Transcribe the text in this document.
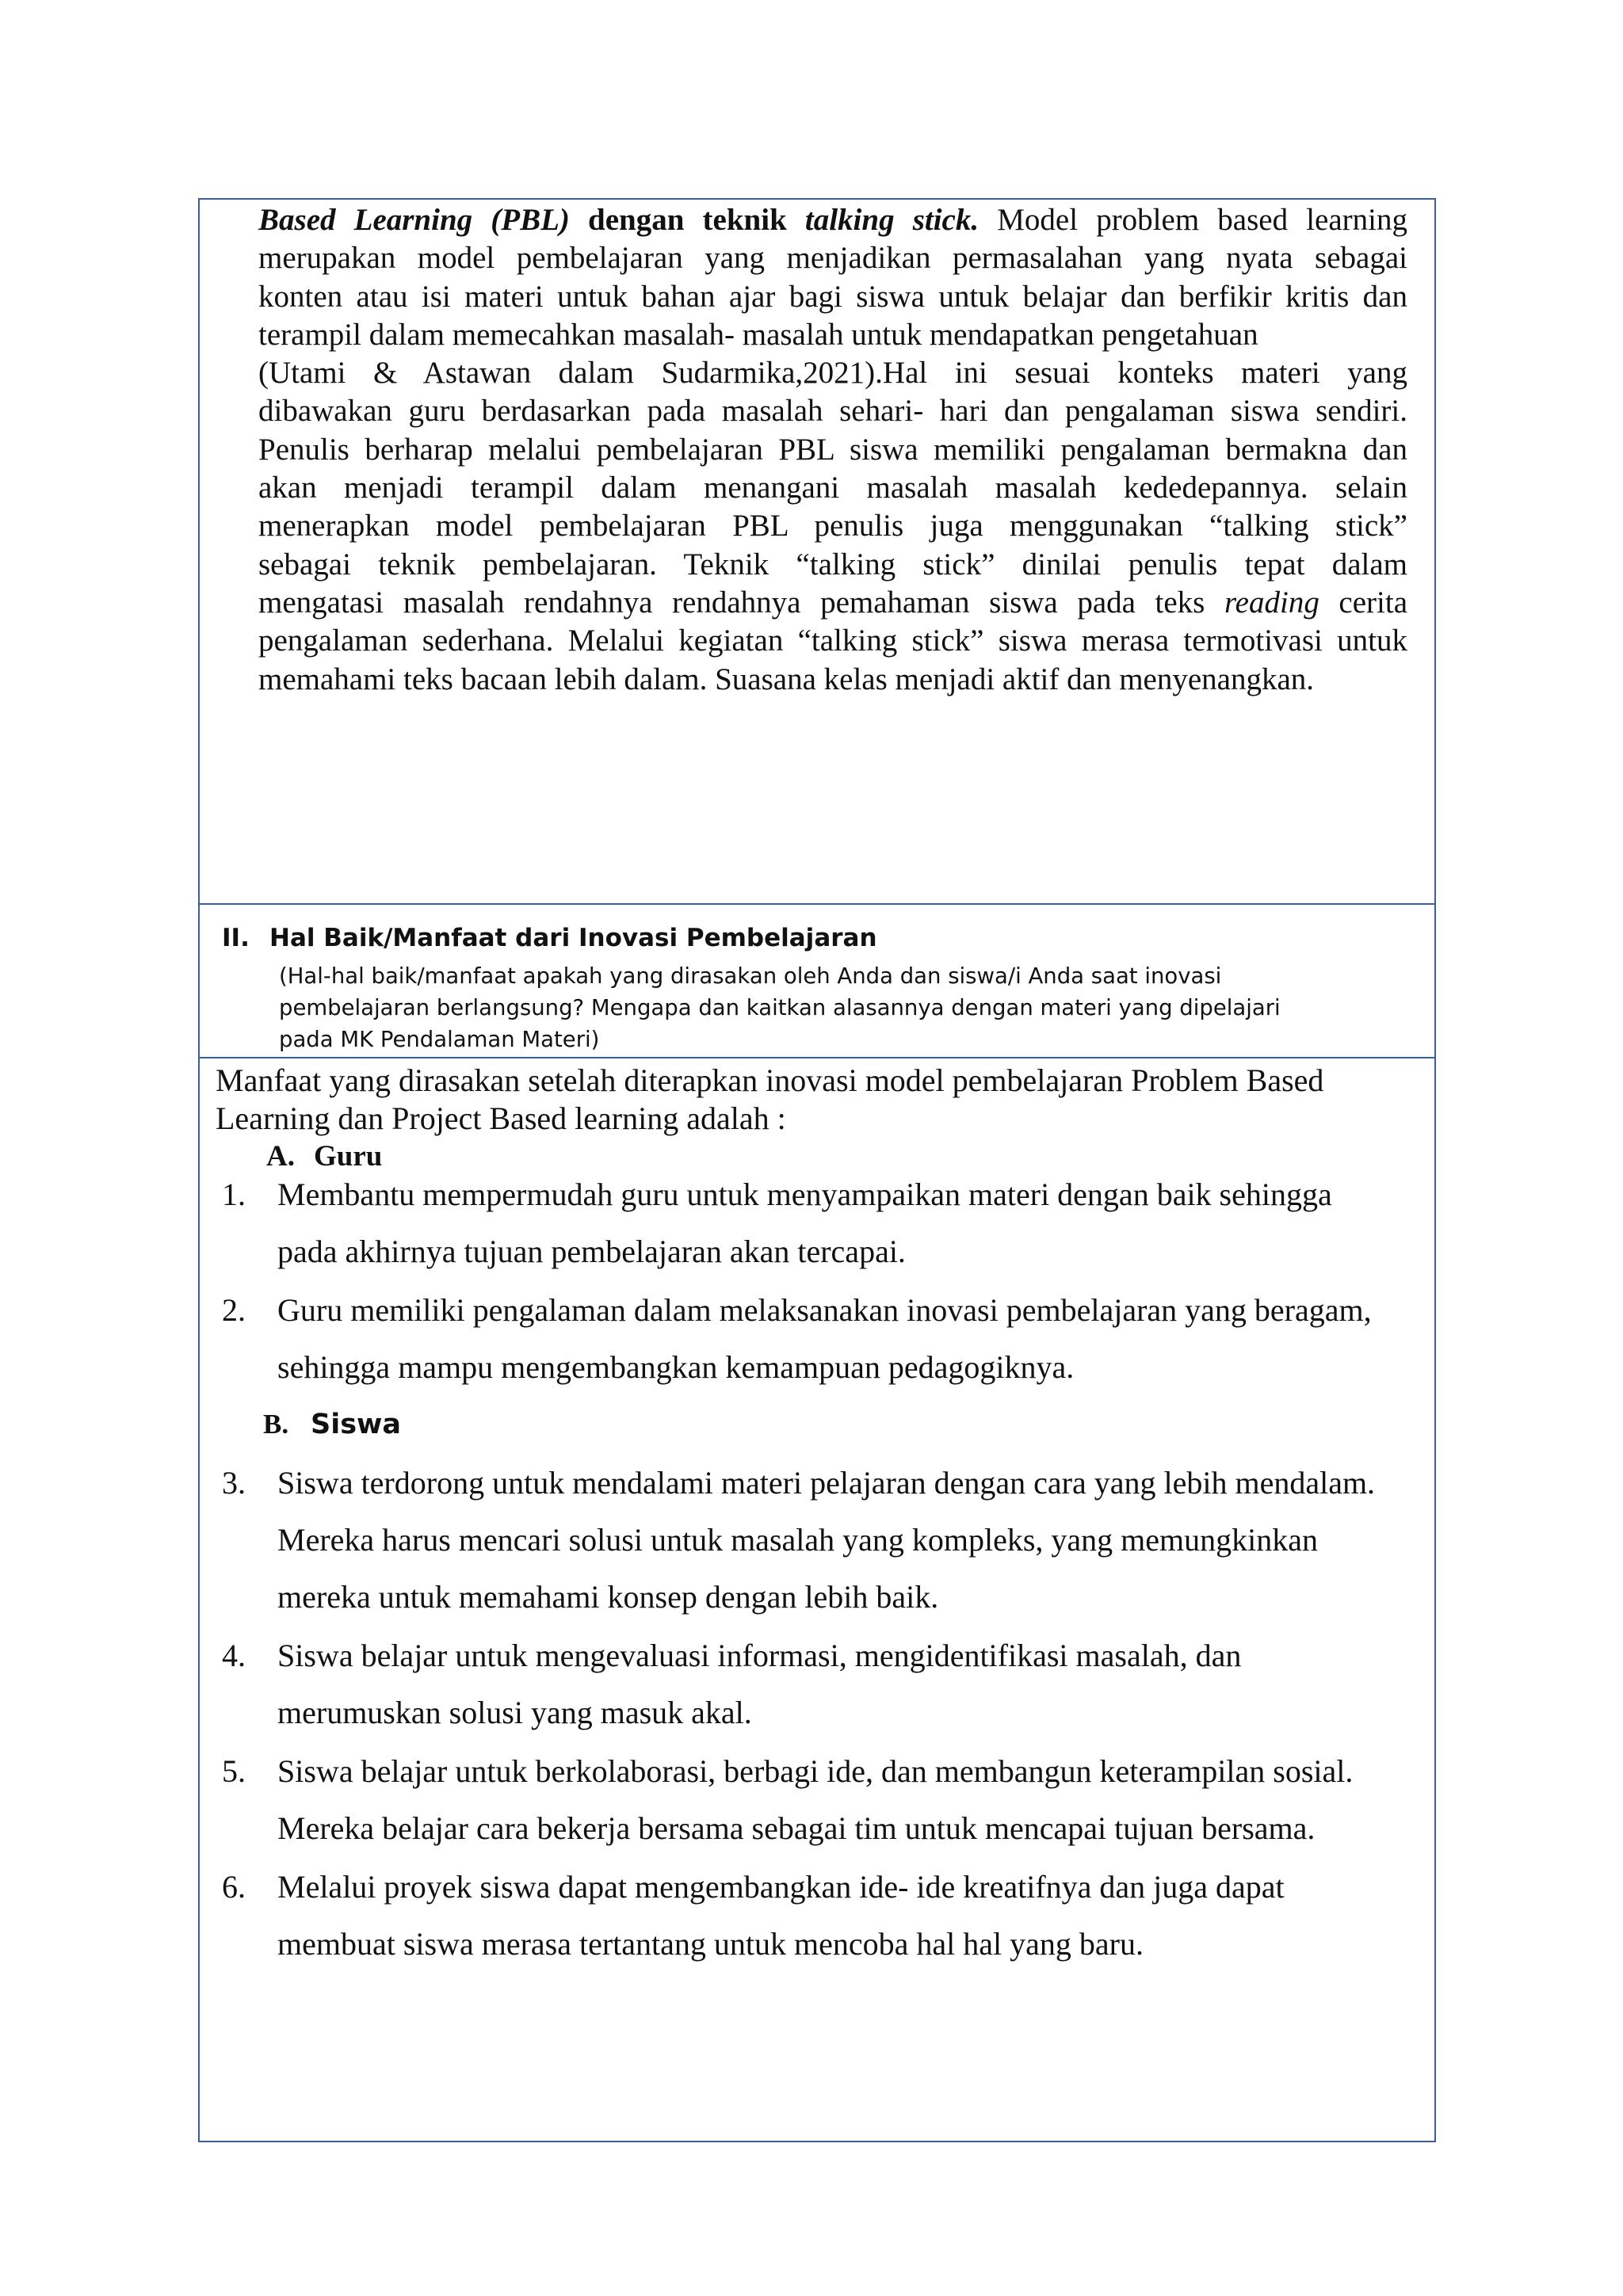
Based Learning (PBL) dengan teknik talking stick. Model problem based learning
merupakan model pembelajaran yang menjadikan permasalahan yang nyata sebagai
konten atau isi materi untuk bahan ajar bagi siswa untuk belajar dan berfikir kritis dan
terampil dalam memecahkan masalah- masalah untuk mendapatkan pengetahuan
(Utami & Astawan dalam Sudarmika,2021).Hal ini sesuai konteks materi yang
dibawakan guru berdasarkan pada masalah sehari- hari dan pengalaman siswa sendiri.
Penulis berharap melalui pembelajaran PBL siswa memiliki pengalaman bermakna dan
akan menjadi terampil dalam menangani masalah masalah kededepannya. selain
menerapkan model pembelajaran PBL penulis juga menggunakan “talking stick”
sebagai teknik pembelajaran. Teknik “talking stick” dinilai penulis tepat dalam
mengatasi masalah rendahnya rendahnya pemahaman siswa pada teks reading cerita
pengalaman sederhana. Melalui kegiatan “talking stick” siswa merasa termotivasi untuk
memahami teks bacaan lebih dalam. Suasana kelas menjadi aktif dan menyenangkan.
II. Hal Baik/Manfaat dari Inovasi Pembelajaran
(Hal-hal baik/manfaat apakah yang dirasakan oleh Anda dan siswa/i Anda saat inovasi
pembelajaran berlangsung? Mengapa dan kaitkan alasannya dengan materi yang dipelajari
pada MK Pendalaman Materi)
Manfaat yang dirasakan setelah diterapkan inovasi model pembelajaran Problem Based
Learning dan Project Based learning adalah :
A. Guru
1.	Membantu mempermudah guru untuk menyampaikan materi dengan baik sehingga
pada akhirnya tujuan pembelajaran akan tercapai.
2.	Guru memiliki pengalaman dalam melaksanakan inovasi pembelajaran yang beragam,
sehingga mampu mengembangkan kemampuan pedagogiknya.
B. Siswa
3.	Siswa terdorong untuk mendalami materi pelajaran dengan cara yang lebih mendalam.
Mereka harus mencari solusi untuk masalah yang kompleks, yang memungkinkan
mereka untuk memahami konsep dengan lebih baik.
4.	Siswa belajar untuk mengevaluasi informasi, mengidentifikasi masalah, dan
merumuskan solusi yang masuk akal.
5.	Siswa belajar untuk berkolaborasi, berbagi ide, dan membangun keterampilan sosial.
Mereka belajar cara bekerja bersama sebagai tim untuk mencapai tujuan bersama.
6.	Melalui proyek siswa dapat mengembangkan ide- ide kreatifnya dan juga dapat
membuat siswa merasa tertantang untuk mencoba hal hal yang baru.
